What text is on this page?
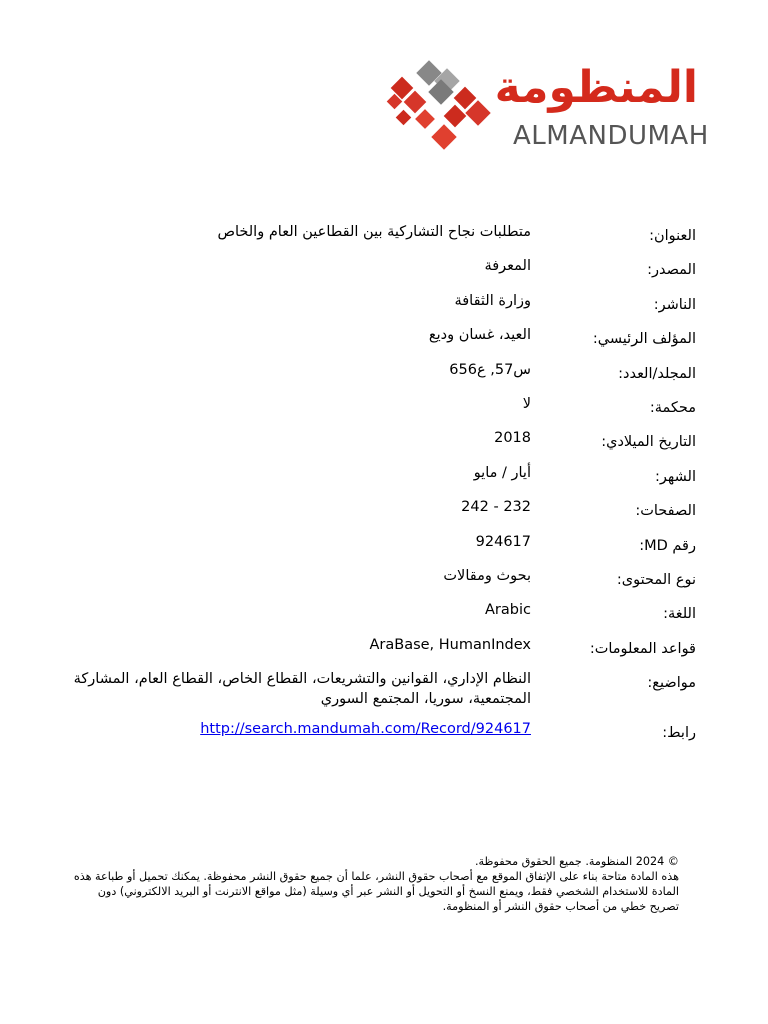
المنظومة
ALMANDUMAH
العنوان:
متطلبات نجاح التشاركية بين القطاعين العام والخاص
المصدر:
المعرفة
الناشر:
وزارة الثقافة
المؤلف الرئيسي:
العيد، غسان وديع
المجلد/العدد:
س57, ع656
محكمة:
لا
التاريخ الميلادي:
2018
الشهر:
أيار / مايو
الصفحات:
232 - 242
رقم MD:
924617
نوع المحتوى:
بحوث ومقالات
اللغة:
Arabic
قواعد المعلومات:
AraBase, HumanIndex
مواضيع:
النظام الإداري، القوانين والتشريعات، القطاع الخاص، القطاع العام، المشاركة المجتمعية، سوريا، المجتمع السوري
رابط:
http://search.mandumah.com/Record/924617

© 2024 المنظومة. جميع الحقوق محفوظة.

هذه المادة متاحة بناء على الإتفاق الموقع مع أصحاب حقوق النشر، علما أن جميع حقوق النشر محفوظة. يمكنك تحميل أو طباعة هذه المادة للاستخدام الشخصي فقط، ويمنع النسخ أو التحويل أو النشر عبر أي وسيلة (مثل مواقع الانترنت أو البريد الالكتروني) دون تصريح خطي من أصحاب حقوق النشر أو المنظومة.
